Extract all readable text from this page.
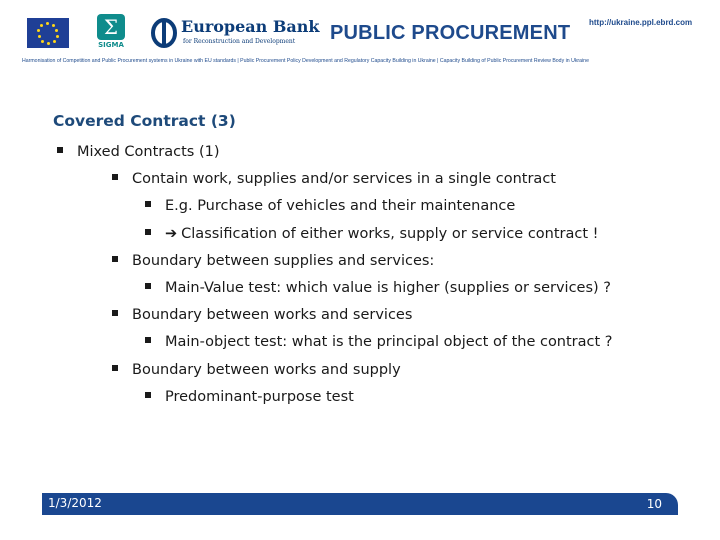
Σ
SIGMA
European Bank
for Reconstruction and Development PUBLIC PROCUREMENT http://ukraine.ppl.ebrd.com
Harmonisation of Competition and Public Procurement systems in Ukraine with EU standards | Public Procurement Policy Development and Regulatory Capacity Building in Ukraine | Capacity Building of Public Procurement Review Body in Ukraine
Covered Contract (3)
Mixed Contracts (1)
Contain work, supplies and/or services in a single contract
E.g. Purchase of vehicles and their maintenance
➔ Classification of either works, supply or service contract !
Boundary between supplies and services:
Main-Value test: which value is higher (supplies or services) ?
Boundary between works and services
Main-object test: what is the principal object of the contract ?
Boundary between works and supply
Predominant-purpose test
1/3/2012	10
